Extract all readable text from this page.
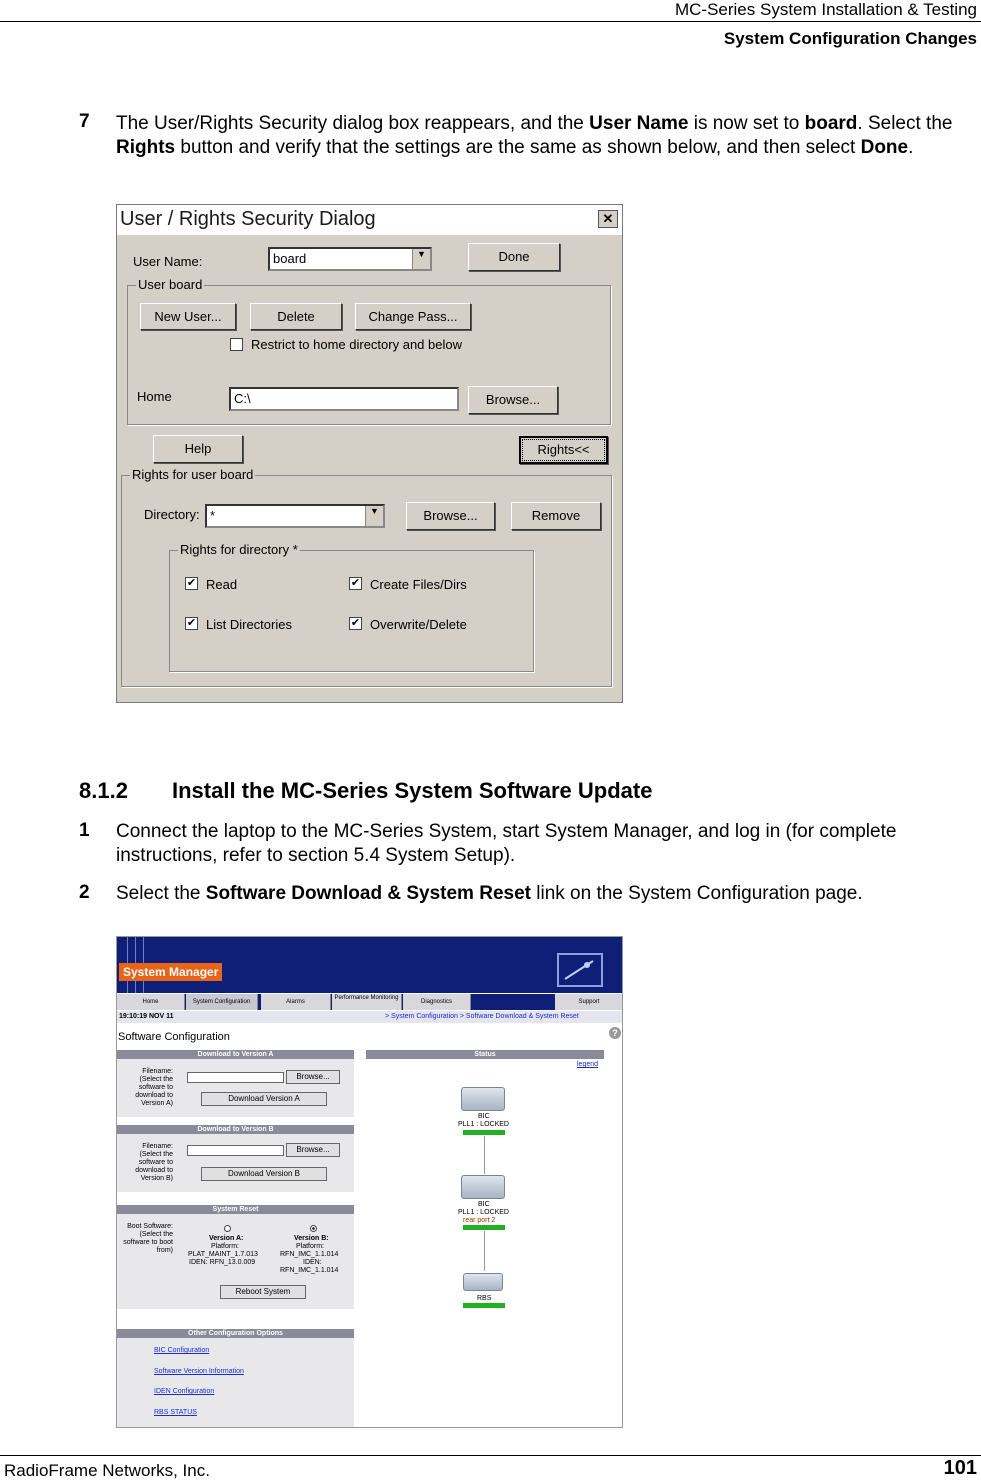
MC-Series System Installation & Testing
System Configuration Changes
7 The User/Rights Security dialog box reappears, and the User Name is now set to board. Select the Rights button and verify that the settings are the same as shown below, and then select Done.
User / Rights Security Dialog	✕
User Name:	board	▼	Done
User board
New User...	Delete	Change Pass...
Restrict to home directory and below
Home	C:\	Browse...
Help	Rights<<
Rights for user board
Directory: *	▼	Browse...	Remove
Rights for directory *
✔ Read	✔ Create Files/Dirs
✔ List Directories	✔ Overwrite/Delete
8.1.2 Install the MC-Series System Software Update
1 Connect the laptop to the MC-Series System, start System Manager, and log in (for complete instructions, refer to section 5.4 System Setup).
2 Select the Software Download & System Reset link on the System Configuration page.
System Manager
Home	System Configuration	Alarms
Performance Monitoring
Diagnostics	Support
19:10:19 NOV 11	> System Configuration > Software Download & System Reset
Software Configuration	?
Download to Version A
Filename: (Select the software to download to Version A)
Browse...
Download Version A
Download to Version B
Filename: (Select the software to download to Version B)
Browse...
Download Version B
System Reset
Boot Software: (Select the software to boot from)
Version A:
Platform:
PLAT_MAINT_1.7.013
IDEN: RFN_13.0.009
Version B:
Platform:
RFN_IMC_1.1.014
IDEN:
RFN_IMC_1.1.014
Reboot System
Other Configuration Options
BIC Configuration
Software Version Information
IDEN Configuration
RBS STATUS
Status
legend
BIC
PLL1 : LOCKED
BIC
PLL1 : LOCKED
rear port 2
RBS
RadioFrame Networks, Inc.	101
